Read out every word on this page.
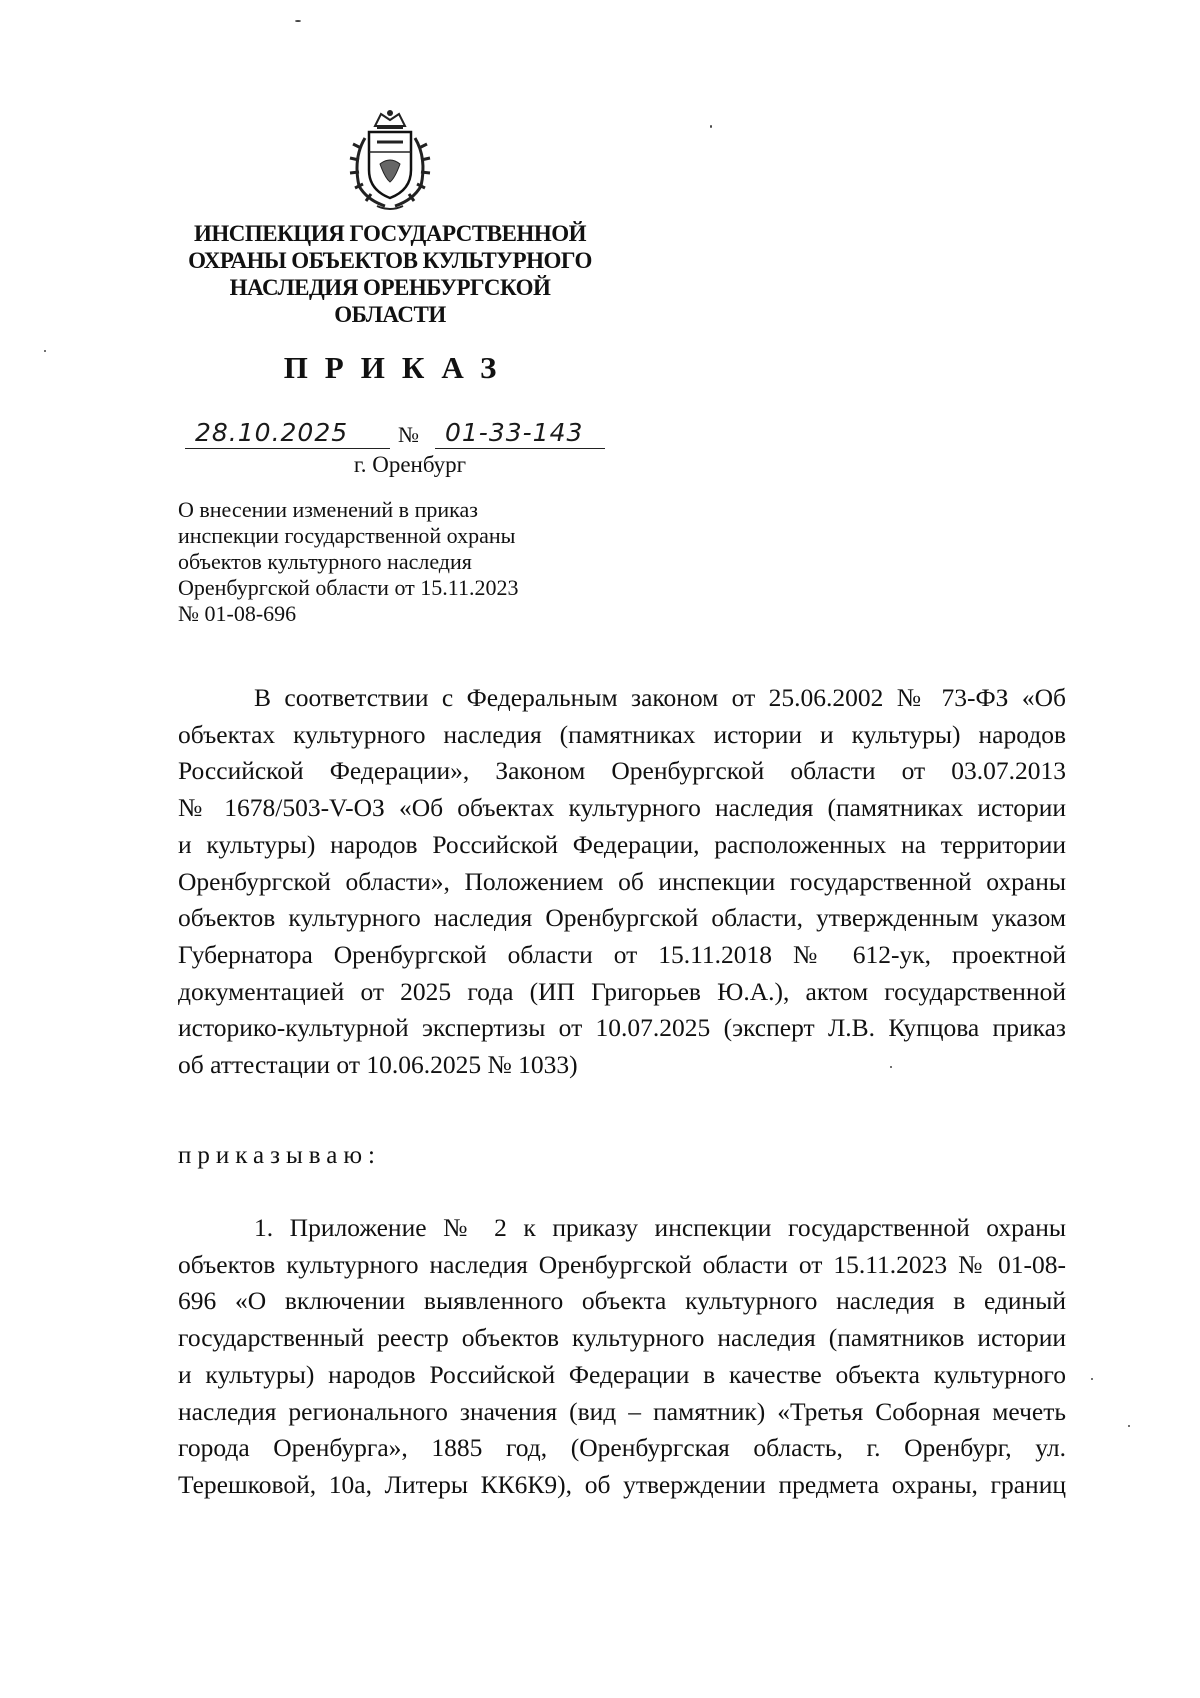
ИНСПЕКЦИЯ ГОСУДАРСТВЕННОЙ
ОХРАНЫ ОБЪЕКТОВ КУЛЬТУРНОГО
НАСЛЕДИЯ ОРЕНБУРГСКОЙ
ОБЛАСТИ
ПРИКАЗ
28.10.2025 № 01-33-143
г. Оренбург
О внесении изменений в приказ
инспекции государственной охраны
объектов культурного наследия
Оренбургской области от 15.11.2023
№ 01-08-696
В соответствии с Федеральным законом от 25.06.2002 № 73-ФЗ «Об
объектах культурного наследия (памятниках истории и культуры) народов
Российской Федерации», Законом Оренбургской области от 03.07.2013
№ 1678/503-V-ОЗ «Об объектах культурного наследия (памятниках истории
и культуры) народов Российской Федерации, расположенных на территории
Оренбургской области», Положением об инспекции государственной охраны
объектов культурного наследия Оренбургской области, утвержденным указом
Губернатора Оренбургской области от 15.11.2018 № 612-ук, проектной
документацией от 2025 года (ИП Григорьев Ю.А.), актом государственной
историко-культурной экспертизы от 10.07.2025 (эксперт Л.В. Купцова приказ
об аттестации от 10.06.2025 № 1033)
приказываю:
1. Приложение № 2 к приказу инспекции государственной охраны
объектов культурного наследия Оренбургской области от 15.11.2023 № 01-08-
696 «О включении выявленного объекта культурного наследия в единый
государственный реестр объектов культурного наследия (памятников истории
и культуры) народов Российской Федерации в качестве объекта культурного
наследия регионального значения (вид – памятник) «Третья Соборная мечеть
города Оренбурга», 1885 год, (Оренбургская область, г. Оренбург, ул.
Терешковой, 10а, Литеры КК6К9), об утверждении предмета охраны, границ
